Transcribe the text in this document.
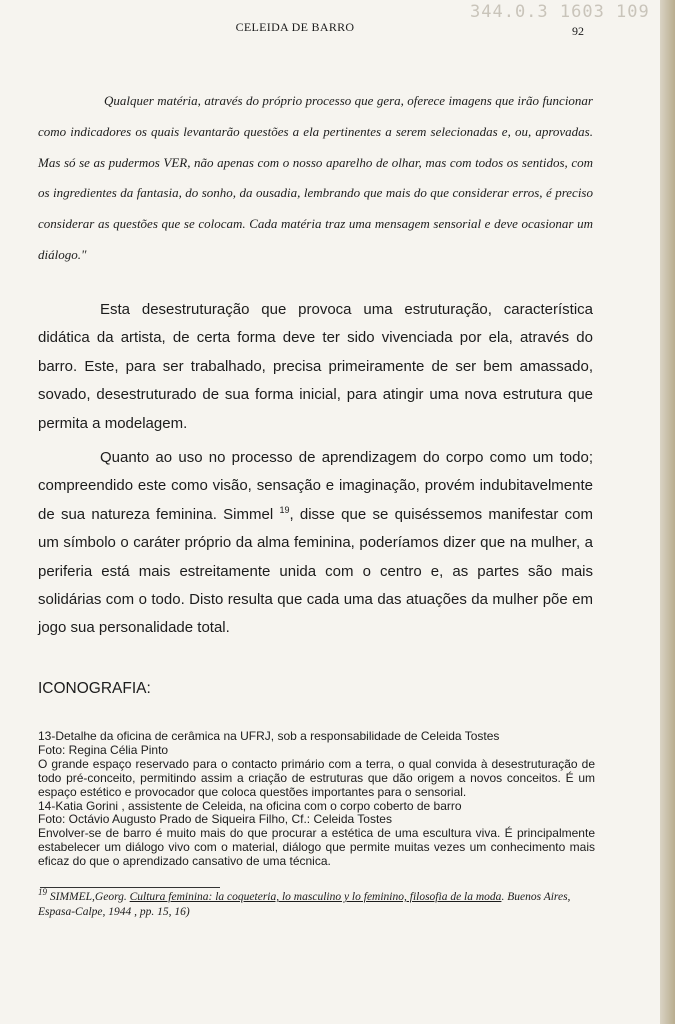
344.0.3 1603 109
CELEIDA DE BARRO	92
Qualquer matéria, através do próprio processo que gera, oferece imagens que irão funcionar como indicadores os quais levantarão questões a ela pertinentes a serem selecionadas e, ou, aprovadas. Mas só se as pudermos VER, não apenas com o nosso aparelho de olhar, mas com todos os sentidos, com os ingredientes da fantasia, do sonho, da ousadia, lembrando que mais do que considerar erros, é preciso considerar as questões que se colocam. Cada matéria traz uma mensagem sensorial e deve ocasionar um diálogo."
Esta desestruturação que provoca uma estruturação, característica didática da artista, de certa forma deve ter sido vivenciada por ela, através do barro. Este, para ser trabalhado, precisa primeiramente de ser bem amassado, sovado, desestruturado de sua forma inicial, para atingir uma nova estrutura que permita a modelagem.
Quanto ao uso no processo de aprendizagem do corpo como um todo; compreendido este como visão, sensação e imaginação, provém indubitavelmente de sua natureza feminina. Simmel $^{19}$, disse que se quiséssemos manifestar com um símbolo o caráter próprio da alma feminina, poderíamos dizer que na mulher, a periferia está mais estreitamente unida com o centro e, as partes são mais solidárias com o todo. Disto resulta que cada uma das atuações da mulher põe em jogo sua personalidade total.
ICONOGRAFIA:
13-Detalhe da oficina de cerâmica na UFRJ, sob a responsabilidade de Celeida Tostes
Foto: Regina Célia Pinto
O grande espaço reservado para o contacto primário com a terra, o qual convida à desestruturação de todo pré-conceito, permitindo assim a criação de estruturas que dão origem a novos conceitos. É um espaço estético e provocador que coloca questões importantes para o sensorial.
14-Katia Gorini , assistente de Celeida, na oficina com o corpo coberto de barro
Foto: Octávio Augusto Prado de Siqueira Filho, Cf.: Celeida Tostes
Envolver-se de barro é muito mais do que procurar a estética de uma escultura viva. É principalmente estabelecer um diálogo vivo com o material, diálogo que permite muitas vezes um conhecimento mais eficaz do que o aprendizado cansativo de uma técnica.
$^{19}$ SIMMEL,Georg. Cultura feminina: la coqueteria, lo masculino y lo feminino, filosofia de la moda. Buenos Aires, Espasa-Calpe, 1944 , pp. 15, 16)
